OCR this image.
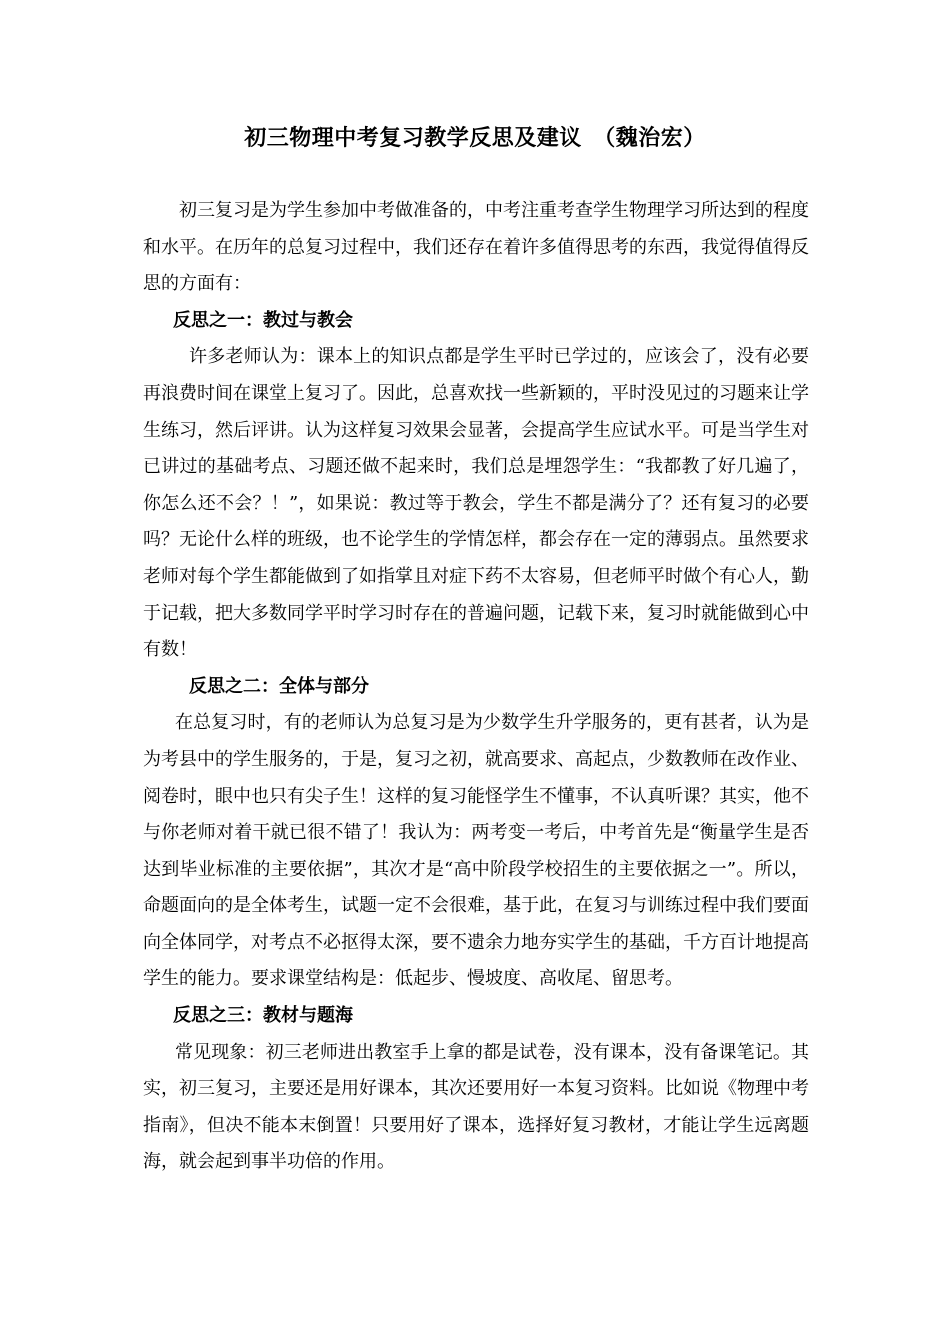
初三物理中考复习教学反思及建议　（魏治宏）

初三复习是为学生参加中考做准备的，中考注重考查学生物理学习所达到的程度和水平。在历年的总复习过程中，我们还存在着许多值得思考的东西，我觉得值得反思的方面有：

反思之一：教过与教会

许多老师认为：课本上的知识点都是学生平时已学过的，应该会了，没有必要再浪费时间在课堂上复习了。因此，总喜欢找一些新颖的，平时没见过的习题来让学生练习，然后评讲。认为这样复习效果会显著，会提高学生应试水平。可是当学生对已讲过的基础考点、习题还做不起来时，我们总是埋怨学生：“我都教了好几遍了，你怎么还不会？！”，如果说：教过等于教会，学生不都是满分了？还有复习的必要吗？无论什么样的班级，也不论学生的学情怎样，都会存在一定的薄弱点。虽然要求老师对每个学生都能做到了如指掌且对症下药不太容易，但老师平时做个有心人，勤于记载，把大多数同学平时学习时存在的普遍问题，记载下来，复习时就能做到心中有数！

反思之二：全体与部分

在总复习时，有的老师认为总复习是为少数学生升学服务的，更有甚者，认为是为考县中的学生服务的，于是，复习之初，就高要求、高起点，少数教师在改作业、阅卷时，眼中也只有尖子生！这样的复习能怪学生不懂事，不认真听课？其实，他不与你老师对着干就已很不错了！我认为：两考变一考后，中考首先是“衡量学生是否达到毕业标准的主要依据”，其次才是“高中阶段学校招生的主要依据之一”。所以，命题面向的是全体考生，试题一定不会很难，基于此，在复习与训练过程中我们要面向全体同学，对考点不必抠得太深，要不遗余力地夯实学生的基础，千方百计地提高学生的能力。要求课堂结构是：低起步、慢坡度、高收尾、留思考。

反思之三：教材与题海

常见现象：初三老师进出教室手上拿的都是试卷，没有课本，没有备课笔记。其实，初三复习，主要还是用好课本，其次还要用好一本复习资料。比如说《物理中考指南》，但决不能本末倒置！只要用好了课本，选择好复习教材，才能让学生远离题海，就会起到事半功倍的作用。
